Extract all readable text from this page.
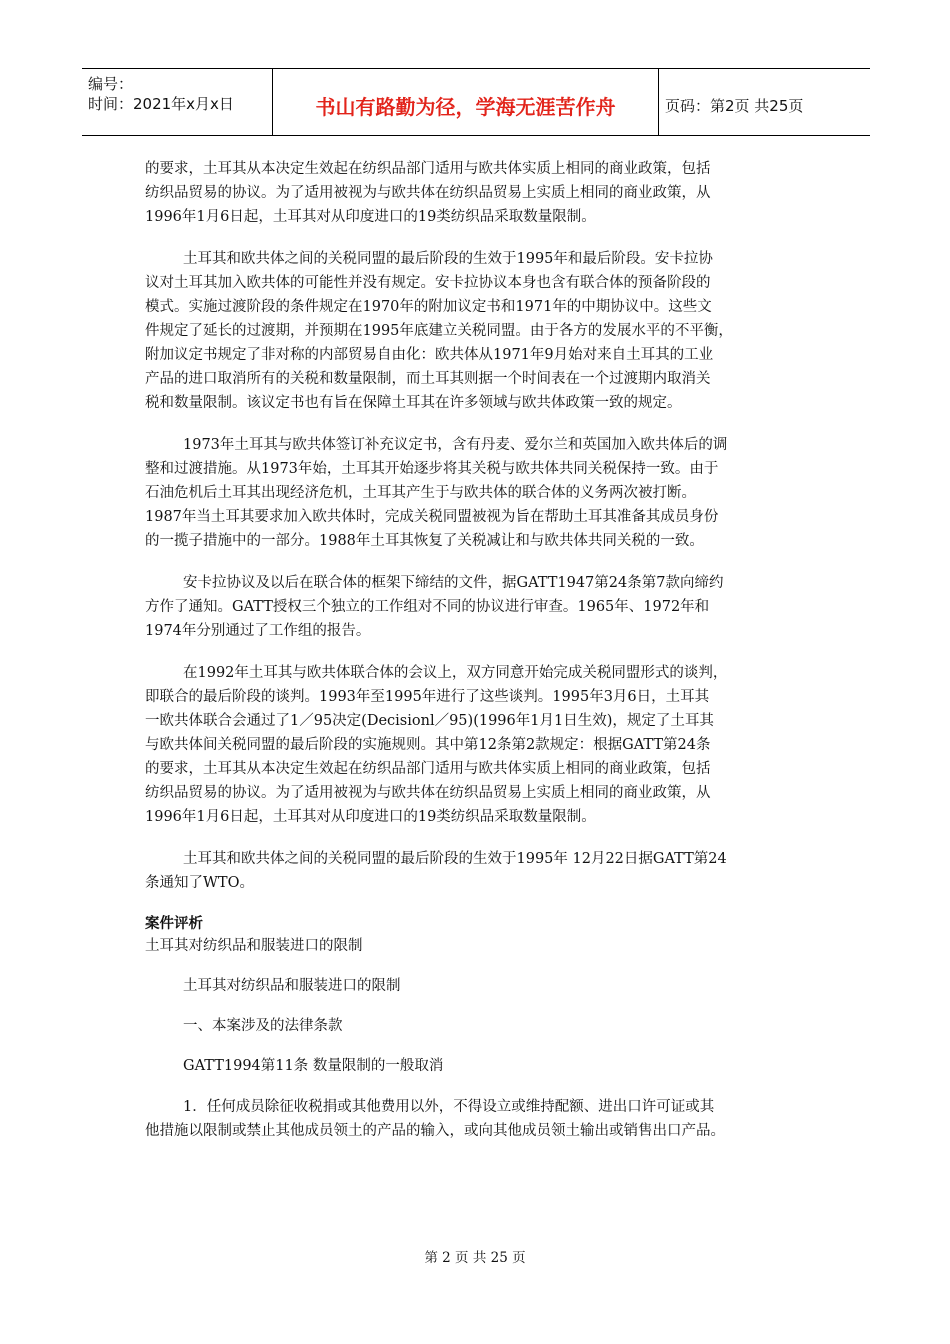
编号：
时间：2021年x月x日	书山有路勤为径，学海无涯苦作舟	页码：第2页 共25页
的要求，土耳其从本决定生效起在纺织品部门适用与欧共体实质上相同的商业政策，包括
纺织品贸易的协议。为了适用被视为与欧共体在纺织品贸易上实质上相同的商业政策，从
1996年1月6日起，土耳其对从印度进口的19类纺织品采取数量限制。
土耳其和欧共体之间的关税同盟的最后阶段的生效于1995年和最后阶段。安卡拉协
议对土耳其加入欧共体的可能性并没有规定。安卡拉协议本身也含有联合体的预备阶段的
模式。实施过渡阶段的条件规定在1970年的附加议定书和1971年的中期协议中。这些文
件规定了延长的过渡期，并预期在1995年底建立关税同盟。由于各方的发展水平的不平衡，
附加议定书规定了非对称的内部贸易自由化：欧共体从1971年9月始对来自土耳其的工业
产品的进口取消所有的关税和数量限制，而土耳其则据一个时间表在一个过渡期内取消关
税和数量限制。该议定书也有旨在保障土耳其在许多领域与欧共体政策一致的规定。
1973年土耳其与欧共体签订补充议定书，含有丹麦、爱尔兰和英国加入欧共体后的调
整和过渡措施。从1973年始，土耳其开始逐步将其关税与欧共体共同关税保持一致。由于
石油危机后土耳其出现经济危机，土耳其产生于与欧共体的联合体的义务两次被打断。
1987年当土耳其要求加入欧共体时，完成关税同盟被视为旨在帮助土耳其准备其成员身份
的一揽子措施中的一部分。1988年土耳其恢复了关税减让和与欧共体共同关税的一致。
安卡拉协议及以后在联合体的框架下缔结的文件，据GATT1947第24条第7款向缔约
方作了通知。GATT授权三个独立的工作组对不同的协议进行审查。1965年、1972年和
1974年分别通过了工作组的报告。
在1992年土耳其与欧共体联合体的会议上，双方同意开始完成关税同盟形式的谈判，
即联合的最后阶段的谈判。1993年至1995年进行了这些谈判。1995年3月6日，土耳其
一欧共体联合会通过了1／95决定(Decisionl／95)(1996年1月1日生效)，规定了土耳其
与欧共体间关税同盟的最后阶段的实施规则。其中第12条第2款规定：根据GATT第24条
的要求，土耳其从本决定生效起在纺织品部门适用与欧共体实质上相同的商业政策，包括
纺织品贸易的协议。为了适用被视为与欧共体在纺织品贸易上实质上相同的商业政策，从
1996年1月6日起，土耳其对从印度进口的19类纺织品采取数量限制。
土耳其和欧共体之间的关税同盟的最后阶段的生效于1995年 12月22日据GATT第24
条通知了WTO。
案件评析
土耳其对纺织品和服装进口的限制
土耳其对纺织品和服装进口的限制
一、本案涉及的法律条款
GATT1994第11条 数量限制的一般取消
1．任何成员除征收税捐或其他费用以外，不得设立或维持配额、进出口许可证或其
他措施以限制或禁止其他成员领土的产品的输入，或向其他成员领土输出或销售出口产品。
第 2 页 共 25 页
